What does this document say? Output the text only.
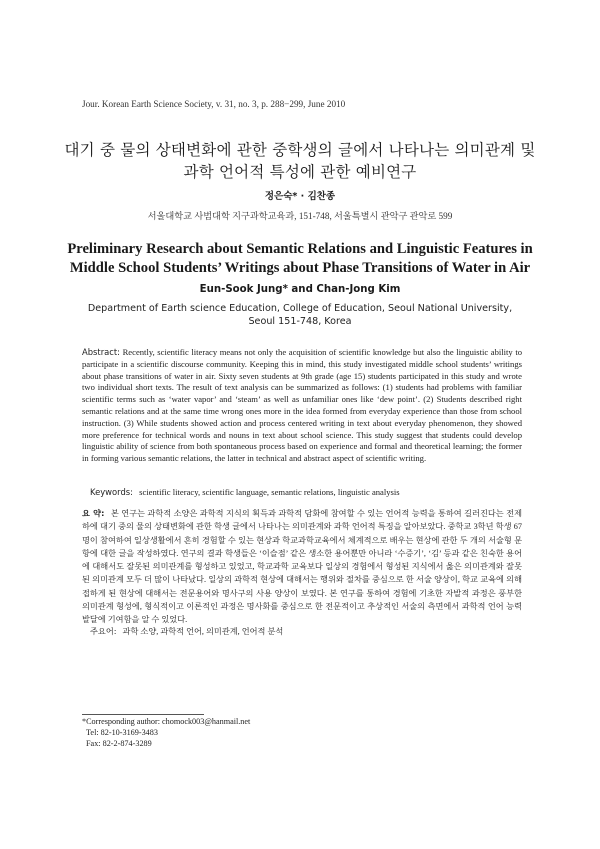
Jour. Korean Earth Science Society, v. 31, no. 3, p. 288−299, June 2010
대기 중 물의 상태변화에 관한 중학생의 글에서 나타나는 의미관계 및
과학 언어적 특성에 관한 예비연구
정은숙* · 김찬종
서울대학교 사범대학 지구과학교육과, 151-748, 서울특별시 관악구 관악로 599
Preliminary Research about Semantic Relations and Linguistic Features in
Middle School Students’ Writings about Phase Transitions of Water in Air
Eun-Sook Jung* and Chan-Jong Kim
Department of Earth science Education, College of Education, Seoul National University,
Seoul 151-748, Korea
Abstract: Recently, scientific literacy means not only the acquisition of scientific knowledge but also the linguistic ability to participate in a scientific discourse community. Keeping this in mind, this study investigated middle school students’ writings about phase transitions of water in air. Sixty seven students at 9th grade (age 15) students participated in this study and wrote two individual short texts. The result of text analysis can be summarized as follows: (1) students had problems with familiar scientific terms such as ‘water vapor’ and ‘steam’ as well as unfamiliar ones like ‘dew point’. (2) Students described right semantic relations and at the same time wrong ones more in the idea formed from everyday experience than those from school instruction. (3) While students showed action and process centered writing in text about everyday phenomenon, they showed more preference for technical words and nouns in text about school science. This study suggest that students could develop linguistic ability of science from both spontaneous process based on experience and formal and theoretical learning; the former in forming various semantic relations, the latter in technical and abstract aspect of scientific writing.
Keywords: scientific literacy, scientific language, semantic relations, linguistic analysis
요 약: 본 연구는 과학적 소양은 과학적 지식의 획득과 과학적 담화에 참여할 수 있는 언어적 능력을 통하여 길러진다는 전제하에 대기 중의 물의 상태변화에 관한 학생 글에서 나타나는 의미관계와 과학 언어적 특징을 알아보았다. 중학교 3학년 학생 67명이 참여하여 일상생활에서 흔히 경험할 수 있는 현상과 학교과학교육에서 체계적으로 배우는 현상에 관한 두 개의 서술형 문항에 대한 글을 작성하였다. 연구의 결과 학생들은 ‘이슬점’ 같은 생소한 용어뿐만 아니라 ‘수증기’, ‘김’ 등과 같은 친숙한 용어에 대해서도 잘못된 의미관계를 형성하고 있었고, 학교과학 교육보다 일상의 경험에서 형성된 지식에서 옳은 의미관계와 잘못된 의미관계 모두 더 많이 나타났다. 일상의 과학적 현상에 대해서는 행위와 절차를 중심으로 한 서술 양상이, 학교 교육에 의해 접하게 된 현상에 대해서는 전문용어와 명사구의 사용 양상이 보였다. 본 연구를 통하여 경험에 기초한 자발적 과정은 풍부한 의미관계 형성에, 형식적이고 이론적인 과정은 명사화를 중심으로 한 전문적이고 추상적인 서술의 측면에서 과학적 언어 능력 발달에 기여함을 알 수 있었다.
주요어: 과학 소양, 과학적 언어, 의미관계, 언어적 분석
*Corresponding author: chomock003@hanmail.net
Tel: 82-10-3169-3483
Fax: 82-2-874-3289
